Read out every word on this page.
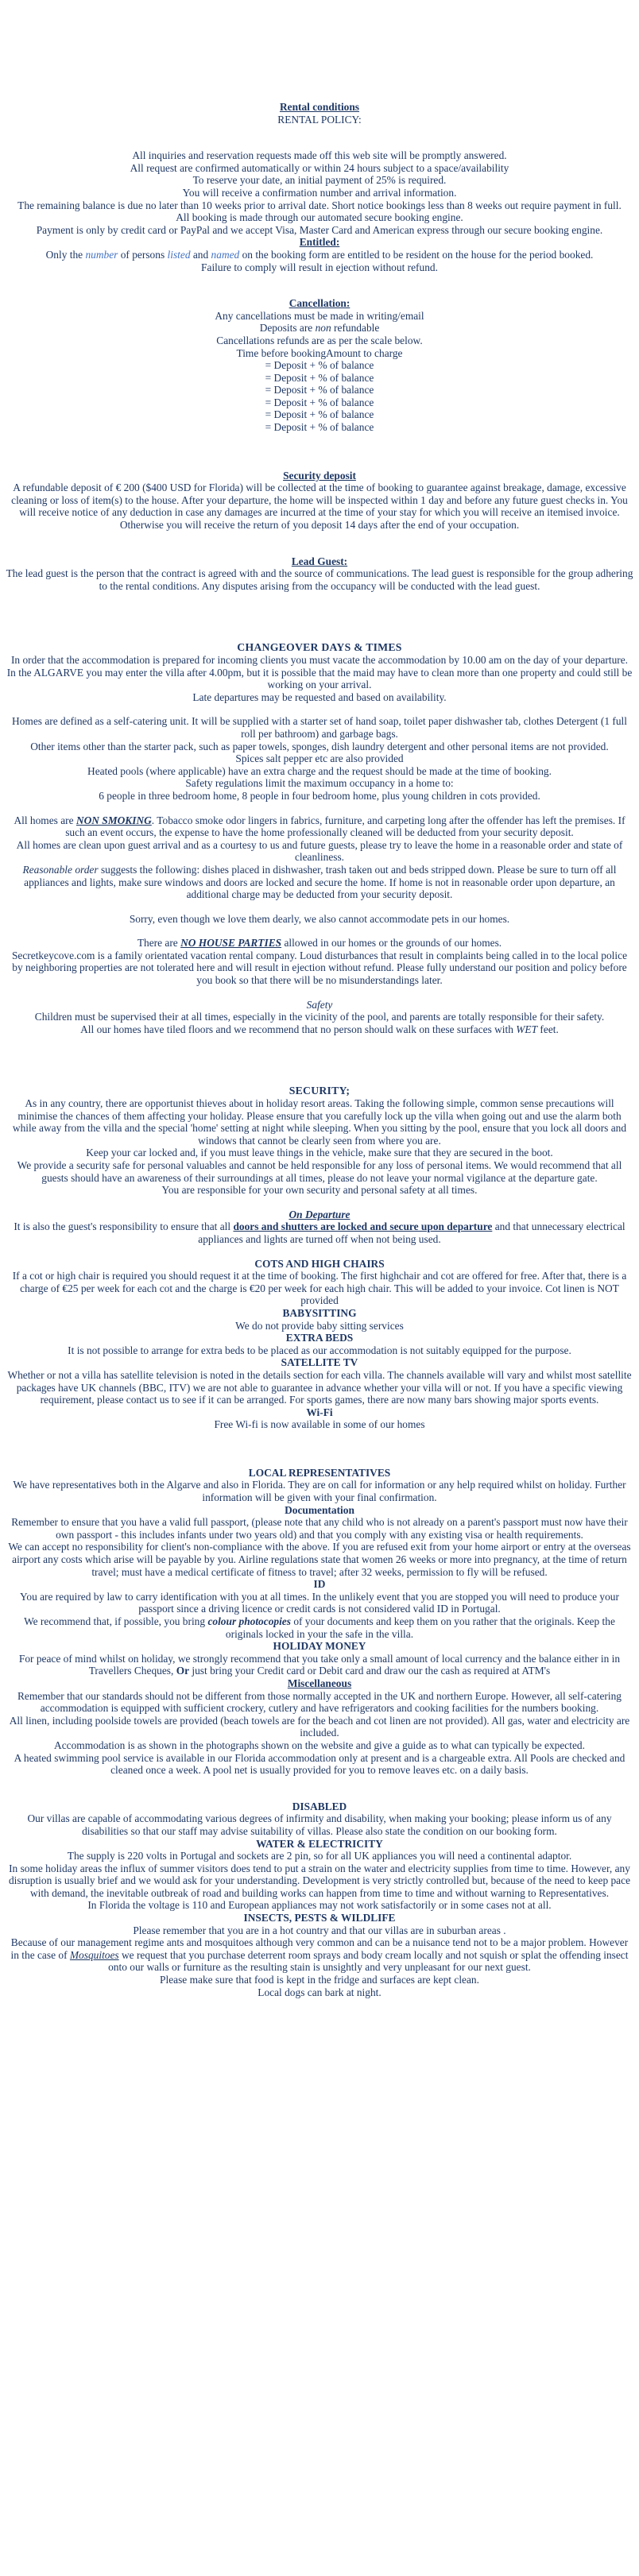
Rental conditions

RENTAL POLICY:

All inquiries and reservation requests made off this web site will be promptly answered.

All request are confirmed automatically or within 24 hours subject to a space/availability

To reserve your date, an initial payment of 25% is required.

You will receive a confirmation number and arrival information.

The remaining balance is due no later than 10 weeks prior to arrival date. Short notice bookings less than 8 weeks out require payment in full.

All booking is made through our automated secure booking engine.

Payment is only by credit card or PayPal and we accept Visa, Master Card and American express through our secure booking engine.

Entitled:

Only the number of persons listed and named on the booking form are entitled to be resident on the house for the period booked.

Failure to comply will result in ejection without refund.

Cancellation:

Any cancellations must be made in writing/email

Deposits are non refundable

Cancellations refunds are as per the scale below.

Time before bookingAmount to charge

= Deposit + % of balance

= Deposit + % of balance

= Deposit + % of balance

= Deposit + % of balance

= Deposit + % of balance

= Deposit + % of balance

Security deposit

A refundable deposit of € 200 ($400 USD for Florida) will be collected at the time of booking to guarantee against breakage, damage, excessive cleaning or loss of item(s) to the house. After your departure, the home will be inspected within 1 day and before any future guest checks in. You will receive notice of any deduction in case any damages are incurred at the time of your stay for which you will receive an itemised invoice.

Otherwise you will receive the return of you deposit 14 days after the end of your occupation.

Lead Guest:

The lead guest is the person that the contract is agreed with and the source of communications. The lead guest is responsible for the group adhering to the rental conditions. Any disputes arising from the occupancy will be conducted with the lead guest.

CHANGEOVER DAYS & TIMES

In order that the accommodation is prepared for incoming clients you must vacate the accommodation by 10.00 am on the day of your departure. In the ALGARVE you may enter the villa after 4.00pm, but it is possible that the maid may have to clean more than one property and could still be working on your arrival.

Late departures may be requested and based on availability.

Homes are defined as a self-catering unit. It will be supplied with a starter set of hand soap, toilet paper dishwasher tab, clothes Detergent (1 full roll per bathroom) and garbage bags.

Other items other than the starter pack, such as paper towels, sponges, dish laundry detergent and other personal items are not provided.

Spices salt pepper etc are also provided

Heated pools (where applicable) have an extra charge and the request should be made at the time of booking.

Safety regulations limit the maximum occupancy in a home to:

6 people in three bedroom home, 8 people in four bedroom home, plus young children in cots provided.

All homes are NON SMOKING. Tobacco smoke odor lingers in fabrics, furniture, and carpeting long after the offender has left the premises. If such an event occurs, the expense to have the home professionally cleaned will be deducted from your security deposit.

All homes are clean upon guest arrival and as a courtesy to us and future guests, please try to leave the home in a reasonable order and state of cleanliness.

Reasonable order suggests the following: dishes placed in dishwasher, trash taken out and beds stripped down. Please be sure to turn off all appliances and lights, make sure windows and doors are locked and secure the home. If home is not in reasonable order upon departure, an additional charge may be deducted from your security deposit.

Sorry, even though we love them dearly, we also cannot accommodate pets in our homes.

There are NO HOUSE PARTIES allowed in our homes or the grounds of our homes.

Secretkeycove.com is a family orientated vacation rental company. Loud disturbances that result in complaints being called in to the local police by neighboring properties are not tolerated here and will result in ejection without refund. Please fully understand our position and policy before you book so that there will be no misunderstandings later.

Safety

Children must be supervised their at all times, especially in the vicinity of the pool, and parents are totally responsible for their safety.

All our homes have tiled floors and we recommend that no person should walk on these surfaces with WET feet.

SECURITY;

As in any country, there are opportunist thieves about in holiday resort areas. Taking the following simple, common sense precautions will minimise the chances of them affecting your holiday. Please ensure that you carefully lock up the villa when going out and use the alarm both while away from the villa and the special 'home' setting at night while sleeping. When you sitting by the pool, ensure that you lock all doors and windows that cannot be clearly seen from where you are.

Keep your car locked and, if you must leave things in the vehicle, make sure that they are secured in the boot.

We provide a security safe for personal valuables and cannot be held responsible for any loss of personal items. We would recommend that all guests should have an awareness of their surroundings at all times, please do not leave your normal vigilance at the departure gate.

You are responsible for your own security and personal safety at all times.

On Departure

It is also the guest's responsibility to ensure that all doors and shutters are locked and secure upon departure and that unnecessary electrical appliances and lights are turned off when not being used.

COTS AND HIGH CHAIRS

If a cot or high chair is required you should request it at the time of booking. The first highchair and cot are offered for free. After that, there is a charge of €25 per week for each cot and the charge is €20 per week for each high chair. This will be added to your invoice. Cot linen is NOT provided

BABYSITTING

We do not provide baby sitting services

EXTRA BEDS

It is not possible to arrange for extra beds to be placed as our accommodation is not suitably equipped for the purpose.

SATELLITE TV

Whether or not a villa has satellite television is noted in the details section for each villa. The channels available will vary and whilst most satellite packages have UK channels (BBC, ITV) we are not able to guarantee in advance whether your villa will or not. If you have a specific viewing requirement, please contact us to see if it can be arranged. For sports games, there are now many bars showing major sports events.

Wi-Fi

Free Wi-fi is now available in some of our homes

LOCAL REPRESENTATIVES

We have representatives both in the Algarve and also in Florida. They are on call for information or any help required whilst on holiday. Further information will be given with your final confirmation.

Documentation

Remember to ensure that you have a valid full passport, (please note that any child who is not already on a parent's passport must now have their own passport - this includes infants under two years old) and that you comply with any existing visa or health requirements.

We can accept no responsibility for client's non-compliance with the above. If you are refused exit from your home airport or entry at the overseas airport any costs which arise will be payable by you. Airline regulations state that women 26 weeks or more into pregnancy, at the time of return travel; must have a medical certificate of fitness to travel; after 32 weeks, permission to fly will be refused.

ID

You are required by law to carry identification with you at all times. In the unlikely event that you are stopped you will need to produce your passport since a driving licence or credit cards is not considered valid ID in Portugal.

We recommend that, if possible, you bring colour photocopies of your documents and keep them on you rather that the originals. Keep the originals locked in your the safe in the villa.

HOLIDAY MONEY

For peace of mind whilst on holiday, we strongly recommend that you take only a small amount of local currency and the balance either in in Travellers Cheques, Or just bring your Credit card or Debit card and draw our the cash as required at ATM's

Miscellaneous

Remember that our standards should not be different from those normally accepted in the UK and northern Europe. However, all self-catering accommodation is equipped with sufficient crockery, cutlery and have refrigerators and cooking facilities for the numbers booking.

All linen, including poolside towels are provided (beach towels are for the beach and cot linen are not provided). All gas, water and electricity are included.

Accommodation is as shown in the photographs shown on the website and give a guide as to what can typically be expected.

A heated swimming pool service is available in our Florida accommodation only at present and is a chargeable extra. All Pools are checked and cleaned once a week. A pool net is usually provided for you to remove leaves etc. on a daily basis.

DISABLED

Our villas are capable of accommodating various degrees of infirmity and disability, when making your booking; please inform us of any disabilities so that our staff may advise suitability of villas. Please also state the condition on our booking form.

WATER & ELECTRICITY

The supply is 220 volts in Portugal and sockets are 2 pin, so for all UK appliances you will need a continental adaptor.

In some holiday areas the influx of summer visitors does tend to put a strain on the water and electricity supplies from time to time. However, any disruption is usually brief and we would ask for your understanding. Development is very strictly controlled but, because of the need to keep pace with demand, the inevitable outbreak of road and building works can happen from time to time and without warning to Representatives.

In Florida the voltage is 110 and European appliances may not work satisfactorily or in some cases not at all.

INSECTS, PESTS & WILDLIFE

Please remember that you are in a hot country and that our villas are in suburban areas .

Because of our management regime ants and mosquitoes although very common and can be a nuisance tend not to be a major problem. However in the case of Mosquitoes we request that you purchase deterrent room sprays and body cream locally and not squish or splat the offending insect onto our walls or furniture as the resulting stain is unsightly and very unpleasant for our next guest.

Please make sure that food is kept in the fridge and surfaces are kept clean.

Local dogs can bark at night.
